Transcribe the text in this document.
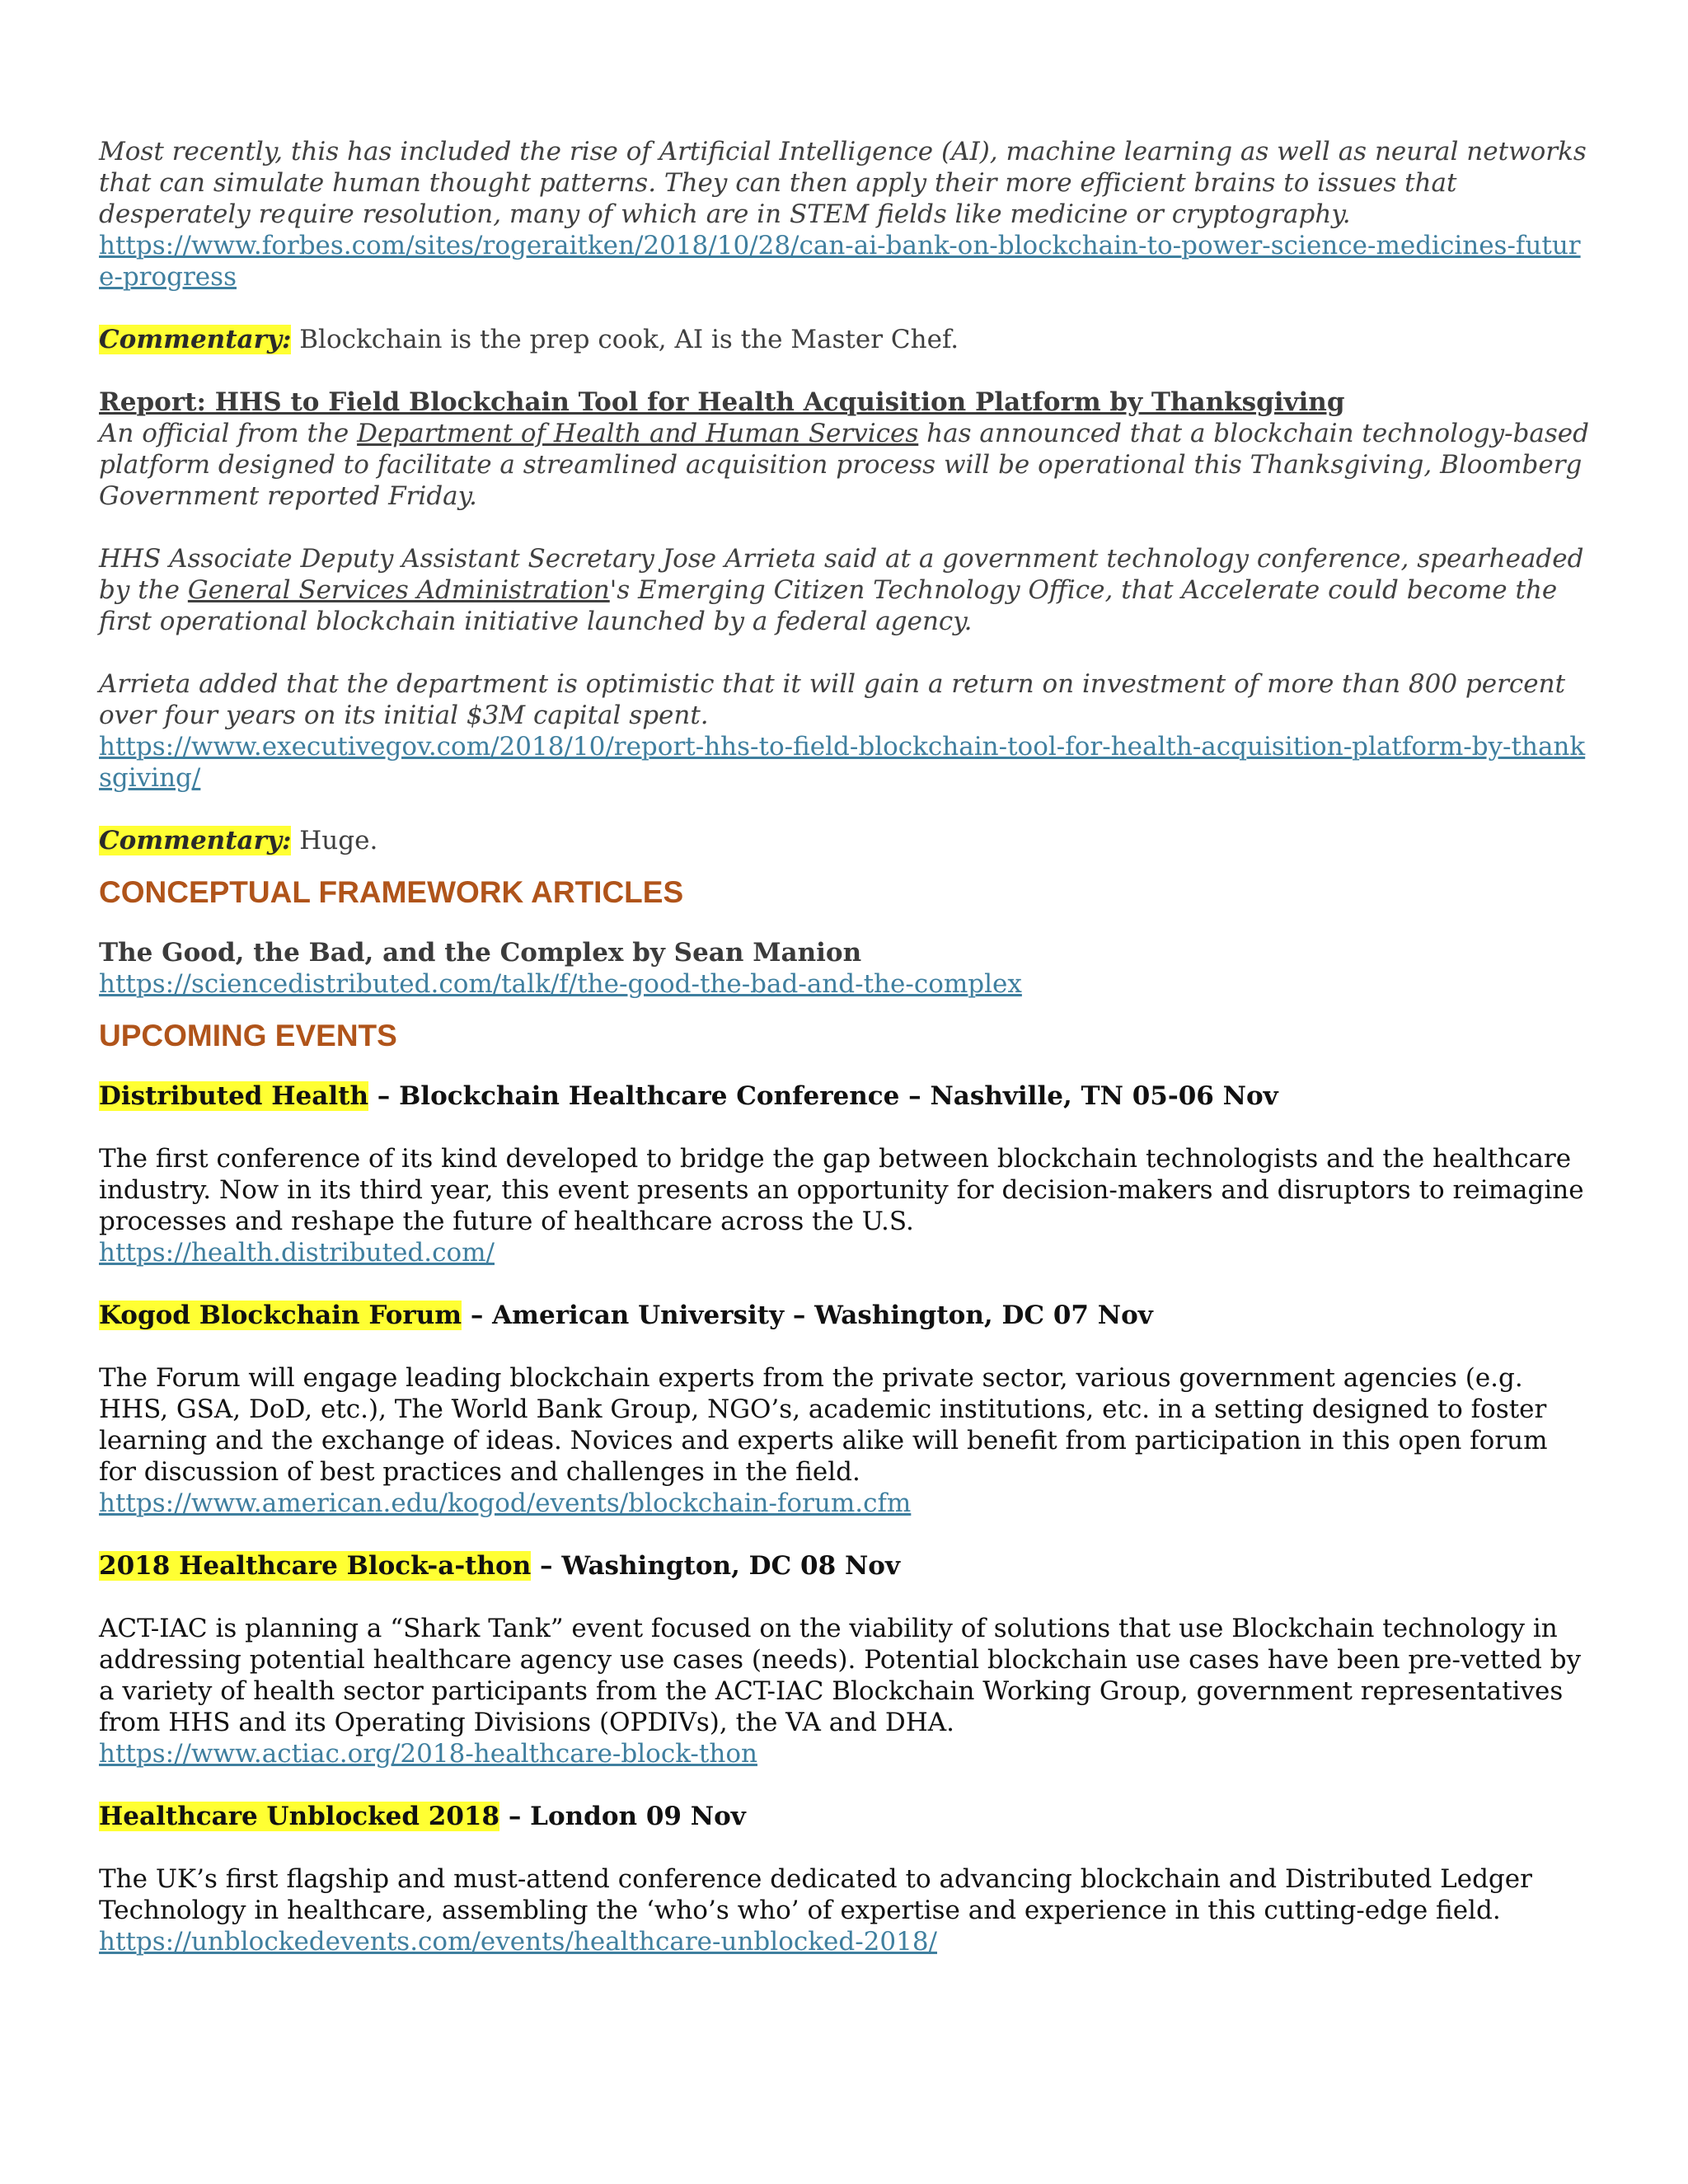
Most recently, this has included the rise of Artificial Intelligence (AI), machine learning as well as neural networks that can simulate human thought patterns. They can then apply their more efficient brains to issues that desperately require resolution, many of which are in STEM fields like medicine or cryptography.

https://www.forbes.com/sites/rogeraitken/2018/10/28/can-ai-bank-on-blockchain-to-power-science-medicines-future-progress

Commentary: Blockchain is the prep cook, AI is the Master Chef.

Report: HHS to Field Blockchain Tool for Health Acquisition Platform by Thanksgiving

An official from the Department of Health and Human Services has announced that a blockchain technology-based platform designed to facilitate a streamlined acquisition process will be operational this Thanksgiving, Bloomberg Government reported Friday.

HHS Associate Deputy Assistant Secretary Jose Arrieta said at a government technology conference, spearheaded by the General Services Administration's Emerging Citizen Technology Office, that Accelerate could become the first operational blockchain initiative launched by a federal agency.

Arrieta added that the department is optimistic that it will gain a return on investment of more than 800 percent over four years on its initial $3M capital spent.

https://www.executivegov.com/2018/10/report-hhs-to-field-blockchain-tool-for-health-acquisition-platform-by-thanksgiving/

Commentary: Huge.

CONCEPTUAL FRAMEWORK ARTICLES

The Good, the Bad, and the Complex by Sean Manion

https://sciencedistributed.com/talk/f/the-good-the-bad-and-the-complex
UPCOMING EVENTS

Distributed Health – Blockchain Healthcare Conference – Nashville, TN 05-06 Nov

The first conference of its kind developed to bridge the gap between blockchain technologists and the healthcare industry. Now in its third year, this event presents an opportunity for decision-makers and disruptors to reimagine processes and reshape the future of healthcare across the U.S.

https://health.distributed.com/

Kogod Blockchain Forum – American University – Washington, DC 07 Nov

The Forum will engage leading blockchain experts from the private sector, various government agencies (e.g. HHS, GSA, DoD, etc.), The World Bank Group, NGO’s, academic institutions, etc. in a setting designed to foster learning and the exchange of ideas. Novices and experts alike will benefit from participation in this open forum for discussion of best practices and challenges in the field.

https://www.american.edu/kogod/events/blockchain-forum.cfm

2018 Healthcare Block-a-thon – Washington, DC 08 Nov

ACT-IAC is planning a “Shark Tank” event focused on the viability of solutions that use Blockchain technology in addressing potential healthcare agency use cases (needs). Potential blockchain use cases have been pre-vetted by a variety of health sector participants from the ACT-IAC Blockchain Working Group, government representatives from HHS and its Operating Divisions (OPDIVs), the VA and DHA.

https://www.actiac.org/2018-healthcare-block-thon

Healthcare Unblocked 2018 – London 09 Nov

The UK’s first flagship and must-attend conference dedicated to advancing blockchain and Distributed Ledger Technology in healthcare, assembling the ‘who’s who’ of expertise and experience in this cutting-edge field.

https://unblockedevents.com/events/healthcare-unblocked-2018/
